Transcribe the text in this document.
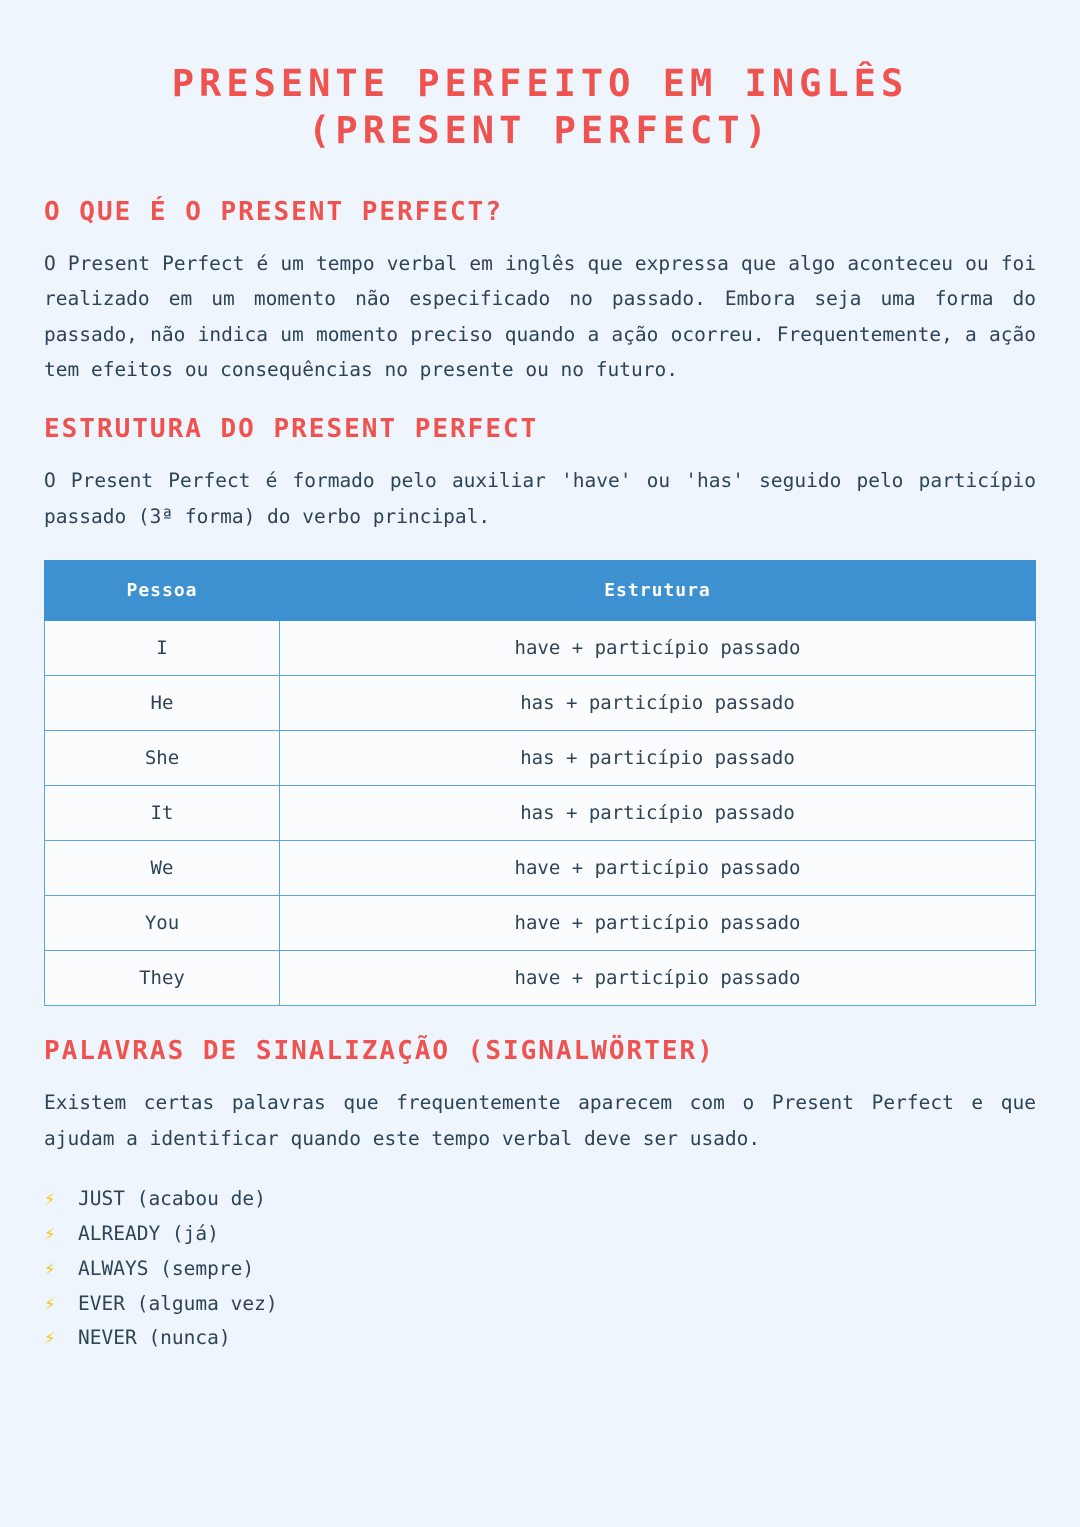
PRESENTE PERFEITO EM INGLÊS (PRESENT PERFECT)
O QUE É O PRESENT PERFECT?

O Present Perfect é um tempo verbal em inglês que expressa que algo aconteceu ou foi realizado em um momento não especificado no passado. Embora seja uma forma do passado, não indica um momento preciso quando a ação ocorreu. Frequentemente, a ação tem efeitos ou consequências no presente ou no futuro.

ESTRUTURA DO PRESENT PERFECT

O Present Perfect é formado pelo auxiliar 'have' ou 'has' seguido pelo particípio passado (3ª forma) do verbo principal.

Pessoa	Estrutura
I	have + particípio passado
He	has + particípio passado
She	has + particípio passado
It	has + particípio passado
We	have + particípio passado
You	have + particípio passado
They	have + particípio passado
PALAVRAS DE SINALIZAÇÃO (SIGNALWÖRTER)

Existem certas palavras que frequentemente aparecem com o Present Perfect e que ajudam a identificar quando este tempo verbal deve ser usado.

⚡	JUST (acabou de)
⚡	ALREADY (já)
⚡	ALWAYS (sempre)
⚡	EVER (alguma vez)
⚡	NEVER (nunca)
